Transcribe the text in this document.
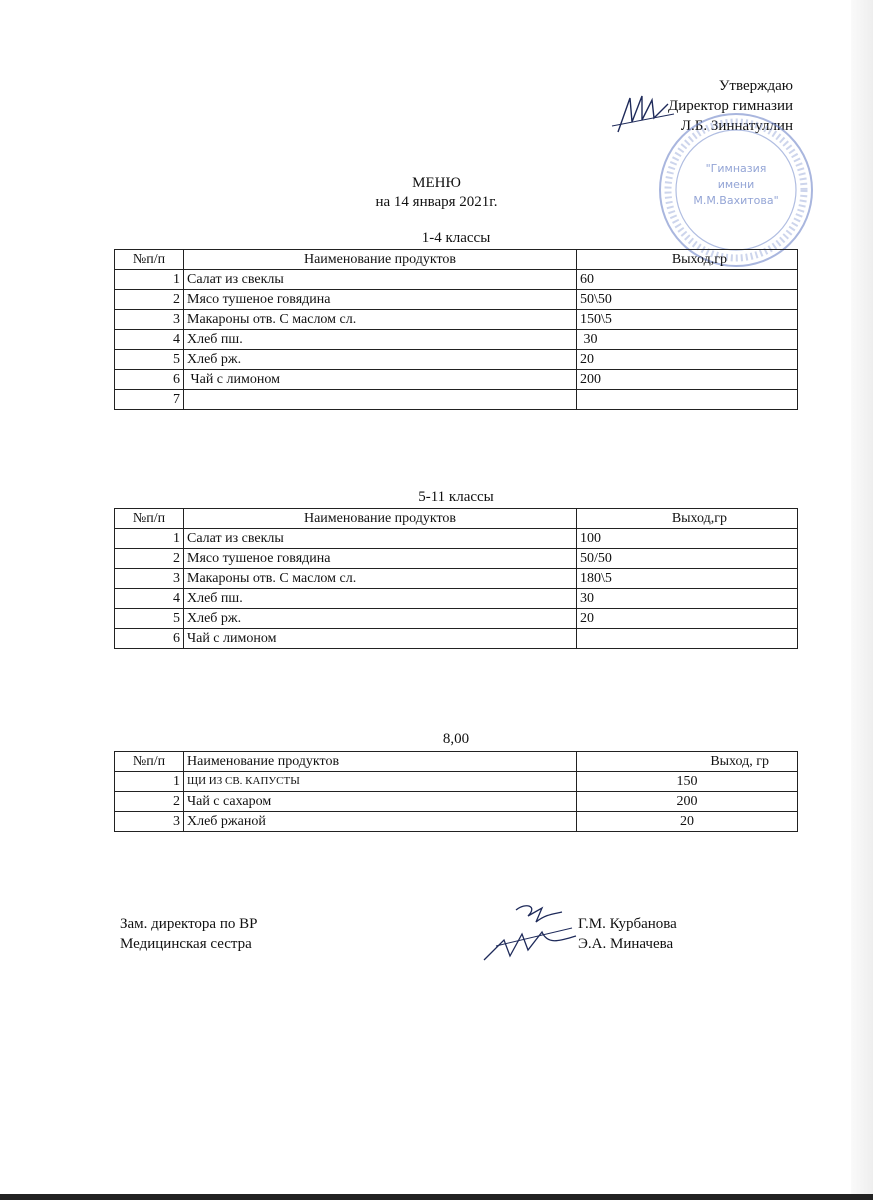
Утверждаю
Директор гимназии
Л.Б. Зиннатуллин
"Гимназия
имени
М.М.Вахитова"
МЕНЮ
на 14 января 2021г.
1-4 классы
№п/п	Наименование продуктов	Выход,гр
1	Салат из свеклы	60
2	Мясо тушеное говядина	50\50
3	Макароны отв. С маслом сл.	150\5
4	Хлеб пш.	30
5	Хлеб рж.	20
6	Чай с лимоном	200
7		
5-11 классы
№п/п	Наименование продуктов	Выход,гр
1	Салат из свеклы	100
2	Мясо тушеное говядина	50/50
3	Макароны отв. С маслом сл.	180\5
4	Хлеб пш.	30
5	Хлеб рж.	20
6	Чай с лимоном	
8,00
№п/п	Наименование продуктов	Выход, гр
1	ЩИ ИЗ СВ. КАПУСТЫ	150
2	Чай с сахаром	200
3	Хлеб ржаной	20
Зам. директора по ВР
Медицинская сестра
Г.М. Курбанова
Э.А. Миначева
